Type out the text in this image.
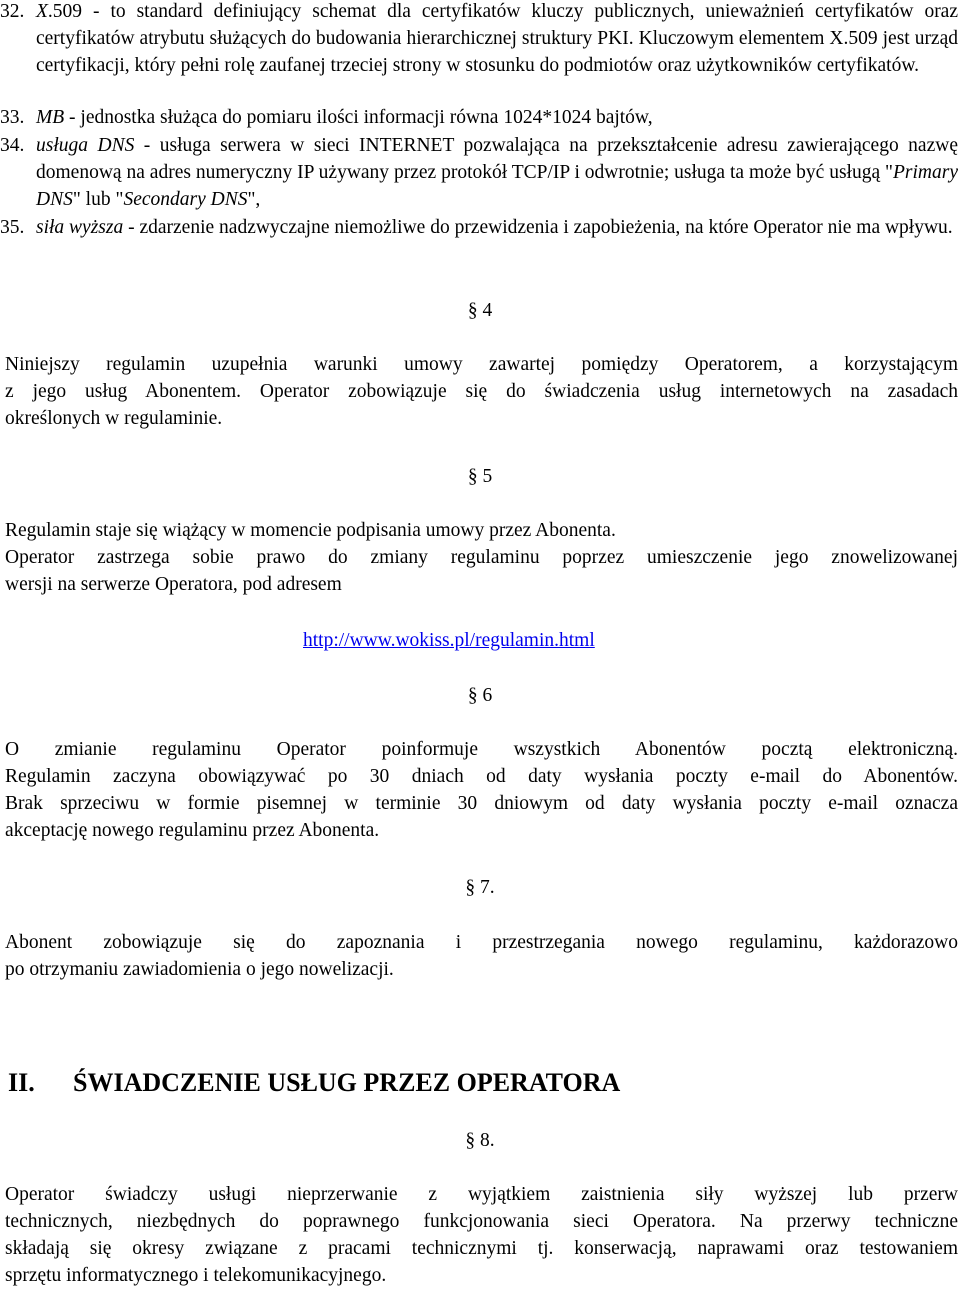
32. X.509 - to standard definiujący schemat dla certyfikatów kluczy publicznych, unieważnień certyfikatów oraz certyfikatów atrybutu służących do budowania hierarchicznej struktury PKI. Kluczowym elementem X.509 jest urząd certyfikacji, który pełni rolę zaufanej trzeciej strony w stosunku do podmiotów oraz użytkowników certyfikatów.

33. MB - jednostka służąca do pomiaru ilości informacji równa 1024*1024 bajtów,

34. usługa DNS - usługa serwera w sieci INTERNET pozwalająca na przekształcenie adresu zawierającego nazwę domenową na adres numeryczny IP używany przez protokół TCP/IP i odwrotnie; usługa ta może być usługą "Primary DNS" lub "Secondary DNS",

35. siła wyższa - zdarzenie nadzwyczajne niemożliwe do przewidzenia i zapobieżenia, na które Operator nie ma wpływu.

§ 4
Niniejszy regulamin uzupełnia warunki umowy zawartej pomiędzy Operatorem, a korzystającym
z jego usług Abonentem. Operator zobowiązuje się do świadczenia usług internetowych na zasadach
określonych w regulaminie.
§ 5
Regulamin staje się wiążący w momencie podpisania umowy przez Abonenta.
Operator zastrzega sobie prawo do zmiany regulaminu poprzez umieszczenie jego znowelizowanej
wersji na serwerze Operatora, pod adresem
http://www.wokiss.pl/regulamin.html
§ 6
O zmianie regulaminu Operator poinformuje wszystkich Abonentów pocztą elektroniczną.
Regulamin zaczyna obowiązywać po 30 dniach od daty wysłania poczty e-mail do Abonentów.
Brak sprzeciwu w formie pisemnej w terminie 30 dniowym od daty wysłania poczty e-mail oznacza
akceptację nowego regulaminu przez Abonenta.
§ 7.
Abonent zobowiązuje się do zapoznania i przestrzegania nowego regulaminu, każdorazowo
po otrzymaniu zawiadomienia o jego nowelizacji.
II. ŚWIADCZENIE USŁUG PRZEZ OPERATORA
§ 8.
Operator świadczy usługi nieprzerwanie z wyjątkiem zaistnienia siły wyższej lub przerw
technicznych, niezbędnych do poprawnego funkcjonowania sieci Operatora. Na przerwy techniczne
składają się okresy związane z pracami technicznymi tj. konserwacją, naprawami oraz testowaniem
sprzętu informatycznego i telekomunikacyjnego.
